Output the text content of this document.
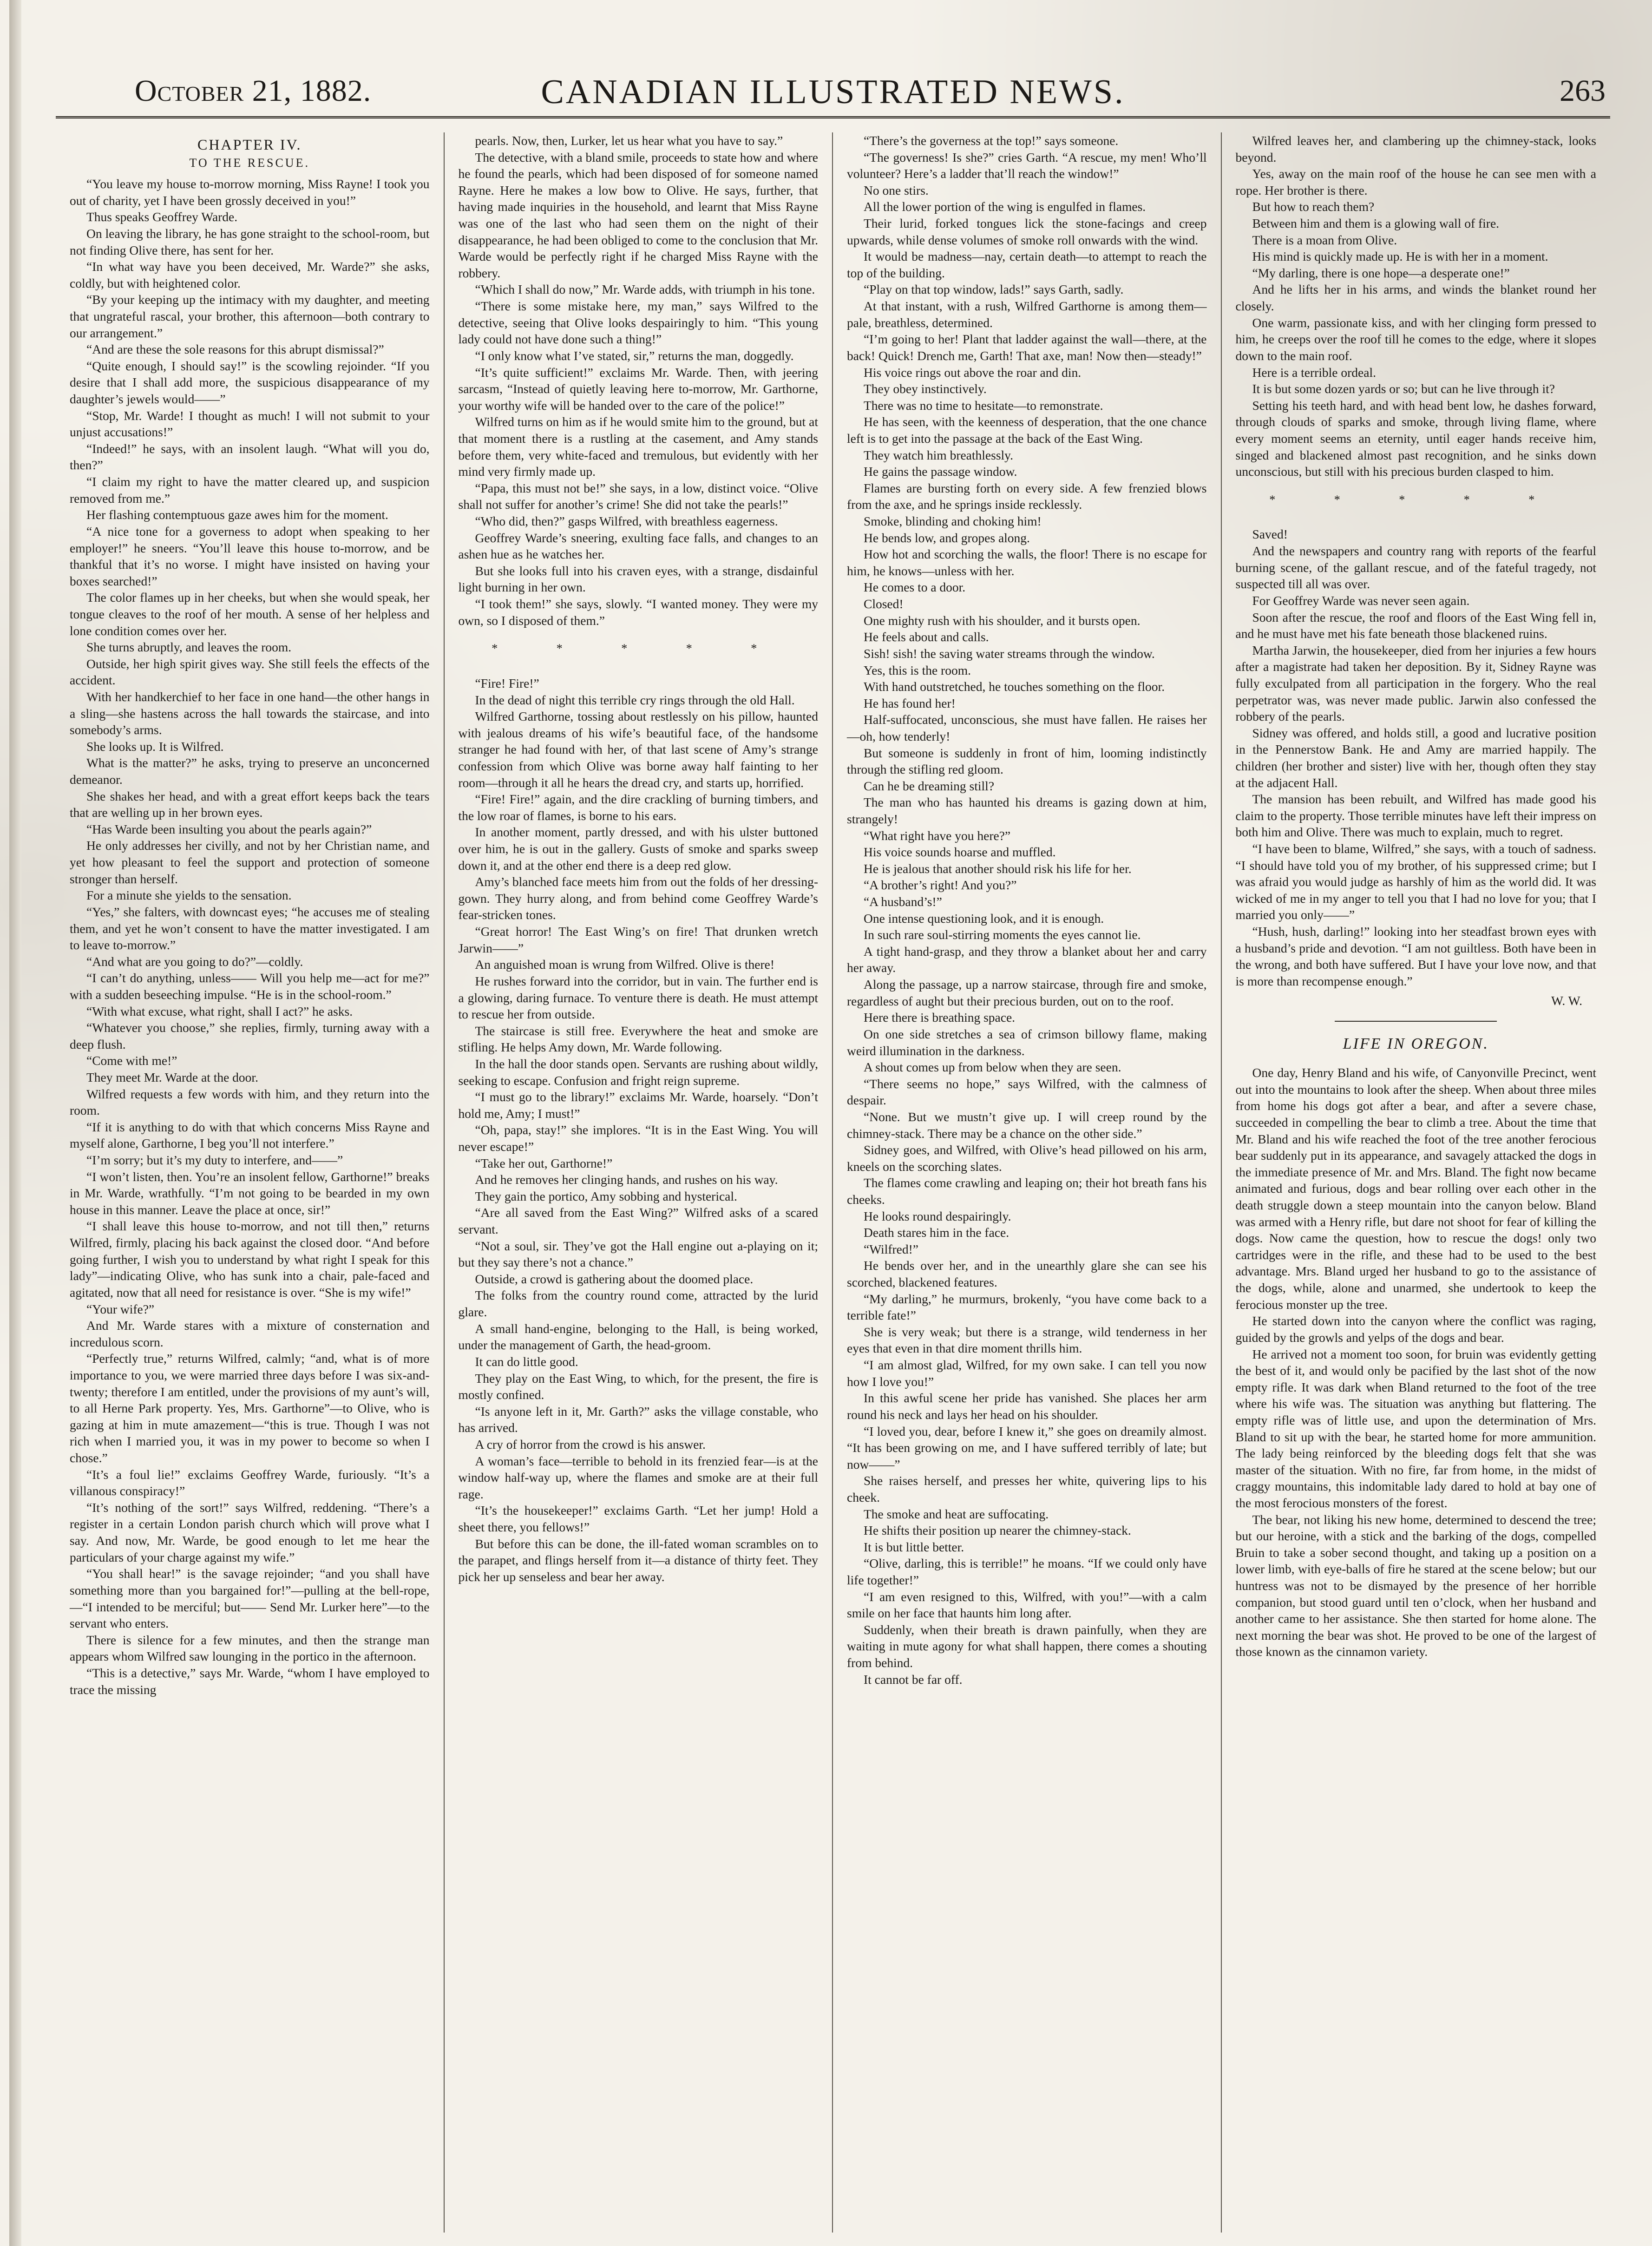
October 21, 1882.	CANADIAN ILLUSTRATED NEWS.	263
CHAPTER IV.
TO THE RESCUE.

“You leave my house to-morrow morning, Miss Rayne! I took you out of charity, yet I have been grossly deceived in you!”

Thus speaks Geoffrey Warde.

On leaving the library, he has gone straight to the school-room, but not finding Olive there, has sent for her.

“In what way have you been deceived, Mr. Warde?” she asks, coldly, but with heightened color.

“By your keeping up the intimacy with my daughter, and meeting that ungrateful rascal, your brother, this afternoon—both contrary to our arrangement.”

“And are these the sole reasons for this abrupt dismissal?”

“Quite enough, I should say!” is the scowling rejoinder. “If you desire that I shall add more, the suspicious disappearance of my daughter’s jewels would——”

“Stop, Mr. Warde! I thought as much! I will not submit to your unjust accusations!”

“Indeed!” he says, with an insolent laugh. “What will you do, then?”

“I claim my right to have the matter cleared up, and suspicion removed from me.”

Her flashing contemptuous gaze awes him for the moment.

“A nice tone for a governess to adopt when speaking to her employer!” he sneers. “You’ll leave this house to-morrow, and be thankful that it’s no worse. I might have insisted on having your boxes searched!”

The color flames up in her cheeks, but when she would speak, her tongue cleaves to the roof of her mouth. A sense of her helpless and lone condition comes over her.

She turns abruptly, and leaves the room.

Outside, her high spirit gives way. She still feels the effects of the accident.

With her handkerchief to her face in one hand—the other hangs in a sling—she hastens across the hall towards the staircase, and into somebody’s arms.

She looks up. It is Wilfred.

What is the matter?” he asks, trying to preserve an unconcerned demeanor.

She shakes her head, and with a great effort keeps back the tears that are welling up in her brown eyes.

“Has Warde been insulting you about the pearls again?”

He only addresses her civilly, and not by her Christian name, and yet how pleasant to feel the support and protection of someone stronger than herself.

For a minute she yields to the sensation.

“Yes,” she falters, with downcast eyes; “he accuses me of stealing them, and yet he won’t consent to have the matter investigated. I am to leave to-morrow.”

“And what are you going to do?”—coldly.

“I can’t do anything, unless—— Will you help me—act for me?” with a sudden beseeching impulse. “He is in the school-room.”

“With what excuse, what right, shall I act?” he asks.

“Whatever you choose,” she replies, firmly, turning away with a deep flush.

“Come with me!”

They meet Mr. Warde at the door.

Wilfred requests a few words with him, and they return into the room.

“If it is anything to do with that which concerns Miss Rayne and myself alone, Garthorne, I beg you’ll not interfere.”

“I’m sorry; but it’s my duty to interfere, and——”

“I won’t listen, then. You’re an insolent fellow, Garthorne!” breaks in Mr. Warde, wrathfully. “I’m not going to be bearded in my own house in this manner. Leave the place at once, sir!”

“I shall leave this house to-morrow, and not till then,” returns Wilfred, firmly, placing his back against the closed door. “And before going further, I wish you to understand by what right I speak for this lady”—indicating Olive, who has sunk into a chair, pale-faced and agitated, now that all need for resistance is over. “She is my wife!”

“Your wife?”

And Mr. Warde stares with a mixture of consternation and incredulous scorn.

“Perfectly true,” returns Wilfred, calmly; “and, what is of more importance to you, we were married three days before I was six-and-twenty; therefore I am entitled, under the provisions of my aunt’s will, to all Herne Park property. Yes, Mrs. Garthorne”—to Olive, who is gazing at him in mute amazement—“this is true. Though I was not rich when I married you, it was in my power to become so when I chose.”

“It’s a foul lie!” exclaims Geoffrey Warde, furiously. “It’s a villanous conspiracy!”

“It’s nothing of the sort!” says Wilfred, reddening. “There’s a register in a certain London parish church which will prove what I say. And now, Mr. Warde, be good enough to let me hear the particulars of your charge against my wife.”

“You shall hear!” is the savage rejoinder; “and you shall have something more than you bargained for!”—pulling at the bell-rope,—“I intended to be merciful; but—— Send Mr. Lurker here”—to the servant who enters.

There is silence for a few minutes, and then the strange man appears whom Wilfred saw lounging in the portico in the afternoon.

“This is a detective,” says Mr. Warde, “whom I have employed to trace the missing

pearls. Now, then, Lurker, let us hear what you have to say.”

The detective, with a bland smile, proceeds to state how and where he found the pearls, which had been disposed of for someone named Rayne. Here he makes a low bow to Olive. He says, further, that having made inquiries in the household, and learnt that Miss Rayne was one of the last who had seen them on the night of their disappearance, he had been obliged to come to the conclusion that Mr. Warde would be perfectly right if he charged Miss Rayne with the robbery.

“Which I shall do now,” Mr. Warde adds, with triumph in his tone.

“There is some mistake here, my man,” says Wilfred to the detective, seeing that Olive looks despairingly to him. “This young lady could not have done such a thing!”

“I only know what I’ve stated, sir,” returns the man, doggedly.

“It’s quite sufficient!” exclaims Mr. Warde. Then, with jeering sarcasm, “Instead of quietly leaving here to-morrow, Mr. Garthorne, your worthy wife will be handed over to the care of the police!”

Wilfred turns on him as if he would smite him to the ground, but at that moment there is a rustling at the casement, and Amy stands before them, very white-faced and tremulous, but evidently with her mind very firmly made up.

“Papa, this must not be!” she says, in a low, distinct voice. “Olive shall not suffer for another’s crime! She did not take the pearls!”

“Who did, then?” gasps Wilfred, with breathless eagerness.

Geoffrey Warde’s sneering, exulting face falls, and changes to an ashen hue as he watches her.

But she looks full into his craven eyes, with a strange, disdainful light burning in her own.

“I took them!” she says, slowly. “I wanted money. They were my own, so I disposed of them.”

* * * * *

“Fire! Fire!”

In the dead of night this terrible cry rings through the old Hall.

Wilfred Garthorne, tossing about restlessly on his pillow, haunted with jealous dreams of his wife’s beautiful face, of the handsome stranger he had found with her, of that last scene of Amy’s strange confession from which Olive was borne away half fainting to her room—through it all he hears the dread cry, and starts up, horrified.

“Fire! Fire!” again, and the dire crackling of burning timbers, and the low roar of flames, is borne to his ears.

In another moment, partly dressed, and with his ulster buttoned over him, he is out in the gallery. Gusts of smoke and sparks sweep down it, and at the other end there is a deep red glow.

Amy’s blanched face meets him from out the folds of her dressing-gown. They hurry along, and from behind come Geoffrey Warde’s fear-stricken tones.

“Great horror! The East Wing’s on fire! That drunken wretch Jarwin——”

An anguished moan is wrung from Wilfred. Olive is there!

He rushes forward into the corridor, but in vain. The further end is a glowing, daring furnace. To venture there is death. He must attempt to rescue her from outside.

The staircase is still free. Everywhere the heat and smoke are stifling. He helps Amy down, Mr. Warde following.

In the hall the door stands open. Servants are rushing about wildly, seeking to escape. Confusion and fright reign supreme.

“I must go to the library!” exclaims Mr. Warde, hoarsely. “Don’t hold me, Amy; I must!”

“Oh, papa, stay!” she implores. “It is in the East Wing. You will never escape!”

“Take her out, Garthorne!”

And he removes her clinging hands, and rushes on his way.

They gain the portico, Amy sobbing and hysterical.

“Are all saved from the East Wing?” Wilfred asks of a scared servant.

“Not a soul, sir. They’ve got the Hall engine out a-playing on it; but they say there’s not a chance.”

Outside, a crowd is gathering about the doomed place.

The folks from the country round come, attracted by the lurid glare.

A small hand-engine, belonging to the Hall, is being worked, under the management of Garth, the head-groom.

It can do little good.

They play on the East Wing, to which, for the present, the fire is mostly confined.

“Is anyone left in it, Mr. Garth?” asks the village constable, who has arrived.

A cry of horror from the crowd is his answer.

A woman’s face—terrible to behold in its frenzied fear—is at the window half-way up, where the flames and smoke are at their full rage.

“It’s the housekeeper!” exclaims Garth. “Let her jump! Hold a sheet there, you fellows!”

But before this can be done, the ill-fated woman scrambles on to the parapet, and flings herself from it—a distance of thirty feet. They pick her up senseless and bear her away.

“There’s the governess at the top!” says someone.

“The governess! Is she?” cries Garth. “A rescue, my men! Who’ll volunteer? Here’s a ladder that’ll reach the window!”

No one stirs.

All the lower portion of the wing is engulfed in flames.

Their lurid, forked tongues lick the stone-facings and creep upwards, while dense volumes of smoke roll onwards with the wind.

It would be madness—nay, certain death—to attempt to reach the top of the building.

“Play on that top window, lads!” says Garth, sadly.

At that instant, with a rush, Wilfred Garthorne is among them—pale, breathless, determined.

“I’m going to her! Plant that ladder against the wall—there, at the back! Quick! Drench me, Garth! That axe, man! Now then—steady!”

His voice rings out above the roar and din.

They obey instinctively.

There was no time to hesitate—to remonstrate.

He has seen, with the keenness of desperation, that the one chance left is to get into the passage at the back of the East Wing.

They watch him breathlessly.

He gains the passage window.

Flames are bursting forth on every side. A few frenzied blows from the axe, and he springs inside recklessly.

Smoke, blinding and choking him!

He bends low, and gropes along.

How hot and scorching the walls, the floor! There is no escape for him, he knows—unless with her.

He comes to a door.

Closed!

One mighty rush with his shoulder, and it bursts open.

He feels about and calls.

Sish! sish! the saving water streams through the window.

Yes, this is the room.

With hand outstretched, he touches something on the floor.

He has found her!

Half-suffocated, unconscious, she must have fallen. He raises her—oh, how tenderly!

But someone is suddenly in front of him, looming indistinctly through the stifling red gloom.

Can he be dreaming still?

The man who has haunted his dreams is gazing down at him, strangely!

“What right have you here?”

His voice sounds hoarse and muffled.

He is jealous that another should risk his life for her.

“A brother’s right! And you?”

“A husband’s!”

One intense questioning look, and it is enough.

In such rare soul-stirring moments the eyes cannot lie.

A tight hand-grasp, and they throw a blanket about her and carry her away.

Along the passage, up a narrow staircase, through fire and smoke, regardless of aught but their precious burden, out on to the roof.

Here there is breathing space.

On one side stretches a sea of crimson billowy flame, making weird illumination in the darkness.

A shout comes up from below when they are seen.

“There seems no hope,” says Wilfred, with the calmness of despair.

“None. But we mustn’t give up. I will creep round by the chimney-stack. There may be a chance on the other side.”

Sidney goes, and Wilfred, with Olive’s head pillowed on his arm, kneels on the scorching slates.

The flames come crawling and leaping on; their hot breath fans his cheeks.

He looks round despairingly.

Death stares him in the face.

“Wilfred!”

He bends over her, and in the unearthly glare she can see his scorched, blackened features.

“My darling,” he murmurs, brokenly, “you have come back to a terrible fate!”

She is very weak; but there is a strange, wild tenderness in her eyes that even in that dire moment thrills him.

“I am almost glad, Wilfred, for my own sake. I can tell you now how I love you!”

In this awful scene her pride has vanished. She places her arm round his neck and lays her head on his shoulder.

“I loved you, dear, before I knew it,” she goes on dreamily almost. “It has been growing on me, and I have suffered terribly of late; but now——”

She raises herself, and presses her white, quivering lips to his cheek.

The smoke and heat are suffocating.

He shifts their position up nearer the chimney-stack.

It is but little better.

“Olive, darling, this is terrible!” he moans. “If we could only have life together!”

“I am even resigned to this, Wilfred, with you!”—with a calm smile on her face that haunts him long after.

Suddenly, when their breath is drawn painfully, when they are waiting in mute agony for what shall happen, there comes a shouting from behind.

It cannot be far off.

Wilfred leaves her, and clambering up the chimney-stack, looks beyond.

Yes, away on the main roof of the house he can see men with a rope. Her brother is there.

But how to reach them?

Between him and them is a glowing wall of fire.

There is a moan from Olive.

His mind is quickly made up. He is with her in a moment.

“My darling, there is one hope—a desperate one!”

And he lifts her in his arms, and winds the blanket round her closely.

One warm, passionate kiss, and with her clinging form pressed to him, he creeps over the roof till he comes to the edge, where it slopes down to the main roof.

Here is a terrible ordeal.

It is but some dozen yards or so; but can he live through it?

Setting his teeth hard, and with head bent low, he dashes forward, through clouds of sparks and smoke, through living flame, where every moment seems an eternity, until eager hands receive him, singed and blackened almost past recognition, and he sinks down unconscious, but still with his precious burden clasped to him.

* * * * *

Saved!

And the newspapers and country rang with reports of the fearful burning scene, of the gallant rescue, and of the fateful tragedy, not suspected till all was over.

For Geoffrey Warde was never seen again.

Soon after the rescue, the roof and floors of the East Wing fell in, and he must have met his fate beneath those blackened ruins.

Martha Jarwin, the housekeeper, died from her injuries a few hours after a magistrate had taken her deposition. By it, Sidney Rayne was fully exculpated from all participation in the forgery. Who the real perpetrator was, was never made public. Jarwin also confessed the robbery of the pearls.

Sidney was offered, and holds still, a good and lucrative position in the Pennerstow Bank. He and Amy are married happily. The children (her brother and sister) live with her, though often they stay at the adjacent Hall.

The mansion has been rebuilt, and Wilfred has made good his claim to the property. Those terrible minutes have left their impress on both him and Olive. There was much to explain, much to regret.

“I have been to blame, Wilfred,” she says, with a touch of sadness. “I should have told you of my brother, of his suppressed crime; but I was afraid you would judge as harshly of him as the world did. It was wicked of me in my anger to tell you that I had no love for you; that I married you only——”

“Hush, hush, darling!” looking into her steadfast brown eyes with a husband’s pride and devotion. “I am not guiltless. Both have been in the wrong, and both have suffered. But I have your love now, and that is more than recompense enough.”

W. W.
LIFE IN OREGON.

One day, Henry Bland and his wife, of Canyonville Precinct, went out into the mountains to look after the sheep. When about three miles from home his dogs got after a bear, and after a severe chase, succeeded in compelling the bear to climb a tree. About the time that Mr. Bland and his wife reached the foot of the tree another ferocious bear suddenly put in its appearance, and savagely attacked the dogs in the immediate presence of Mr. and Mrs. Bland. The fight now became animated and furious, dogs and bear rolling over each other in the death struggle down a steep mountain into the canyon below. Bland was armed with a Henry rifle, but dare not shoot for fear of killing the dogs. Now came the question, how to rescue the dogs! only two cartridges were in the rifle, and these had to be used to the best advantage. Mrs. Bland urged her husband to go to the assistance of the dogs, while, alone and unarmed, she undertook to keep the ferocious monster up the tree.

He started down into the canyon where the conflict was raging, guided by the growls and yelps of the dogs and bear.

He arrived not a moment too soon, for bruin was evidently getting the best of it, and would only be pacified by the last shot of the now empty rifle. It was dark when Bland returned to the foot of the tree where his wife was. The situation was anything but flattering. The empty rifle was of little use, and upon the determination of Mrs. Bland to sit up with the bear, he started home for more ammunition. The lady being reinforced by the bleeding dogs felt that she was master of the situation. With no fire, far from home, in the midst of craggy mountains, this indomitable lady dared to hold at bay one of the most ferocious monsters of the forest.

The bear, not liking his new home, determined to descend the tree; but our heroine, with a stick and the barking of the dogs, compelled Bruin to take a sober second thought, and taking up a position on a lower limb, with eye-balls of fire he stared at the scene below; but our huntress was not to be dismayed by the presence of her horrible companion, but stood guard until ten o’clock, when her husband and another came to her assistance. She then started for home alone. The next morning the bear was shot. He proved to be one of the largest of those known as the cinnamon variety.
